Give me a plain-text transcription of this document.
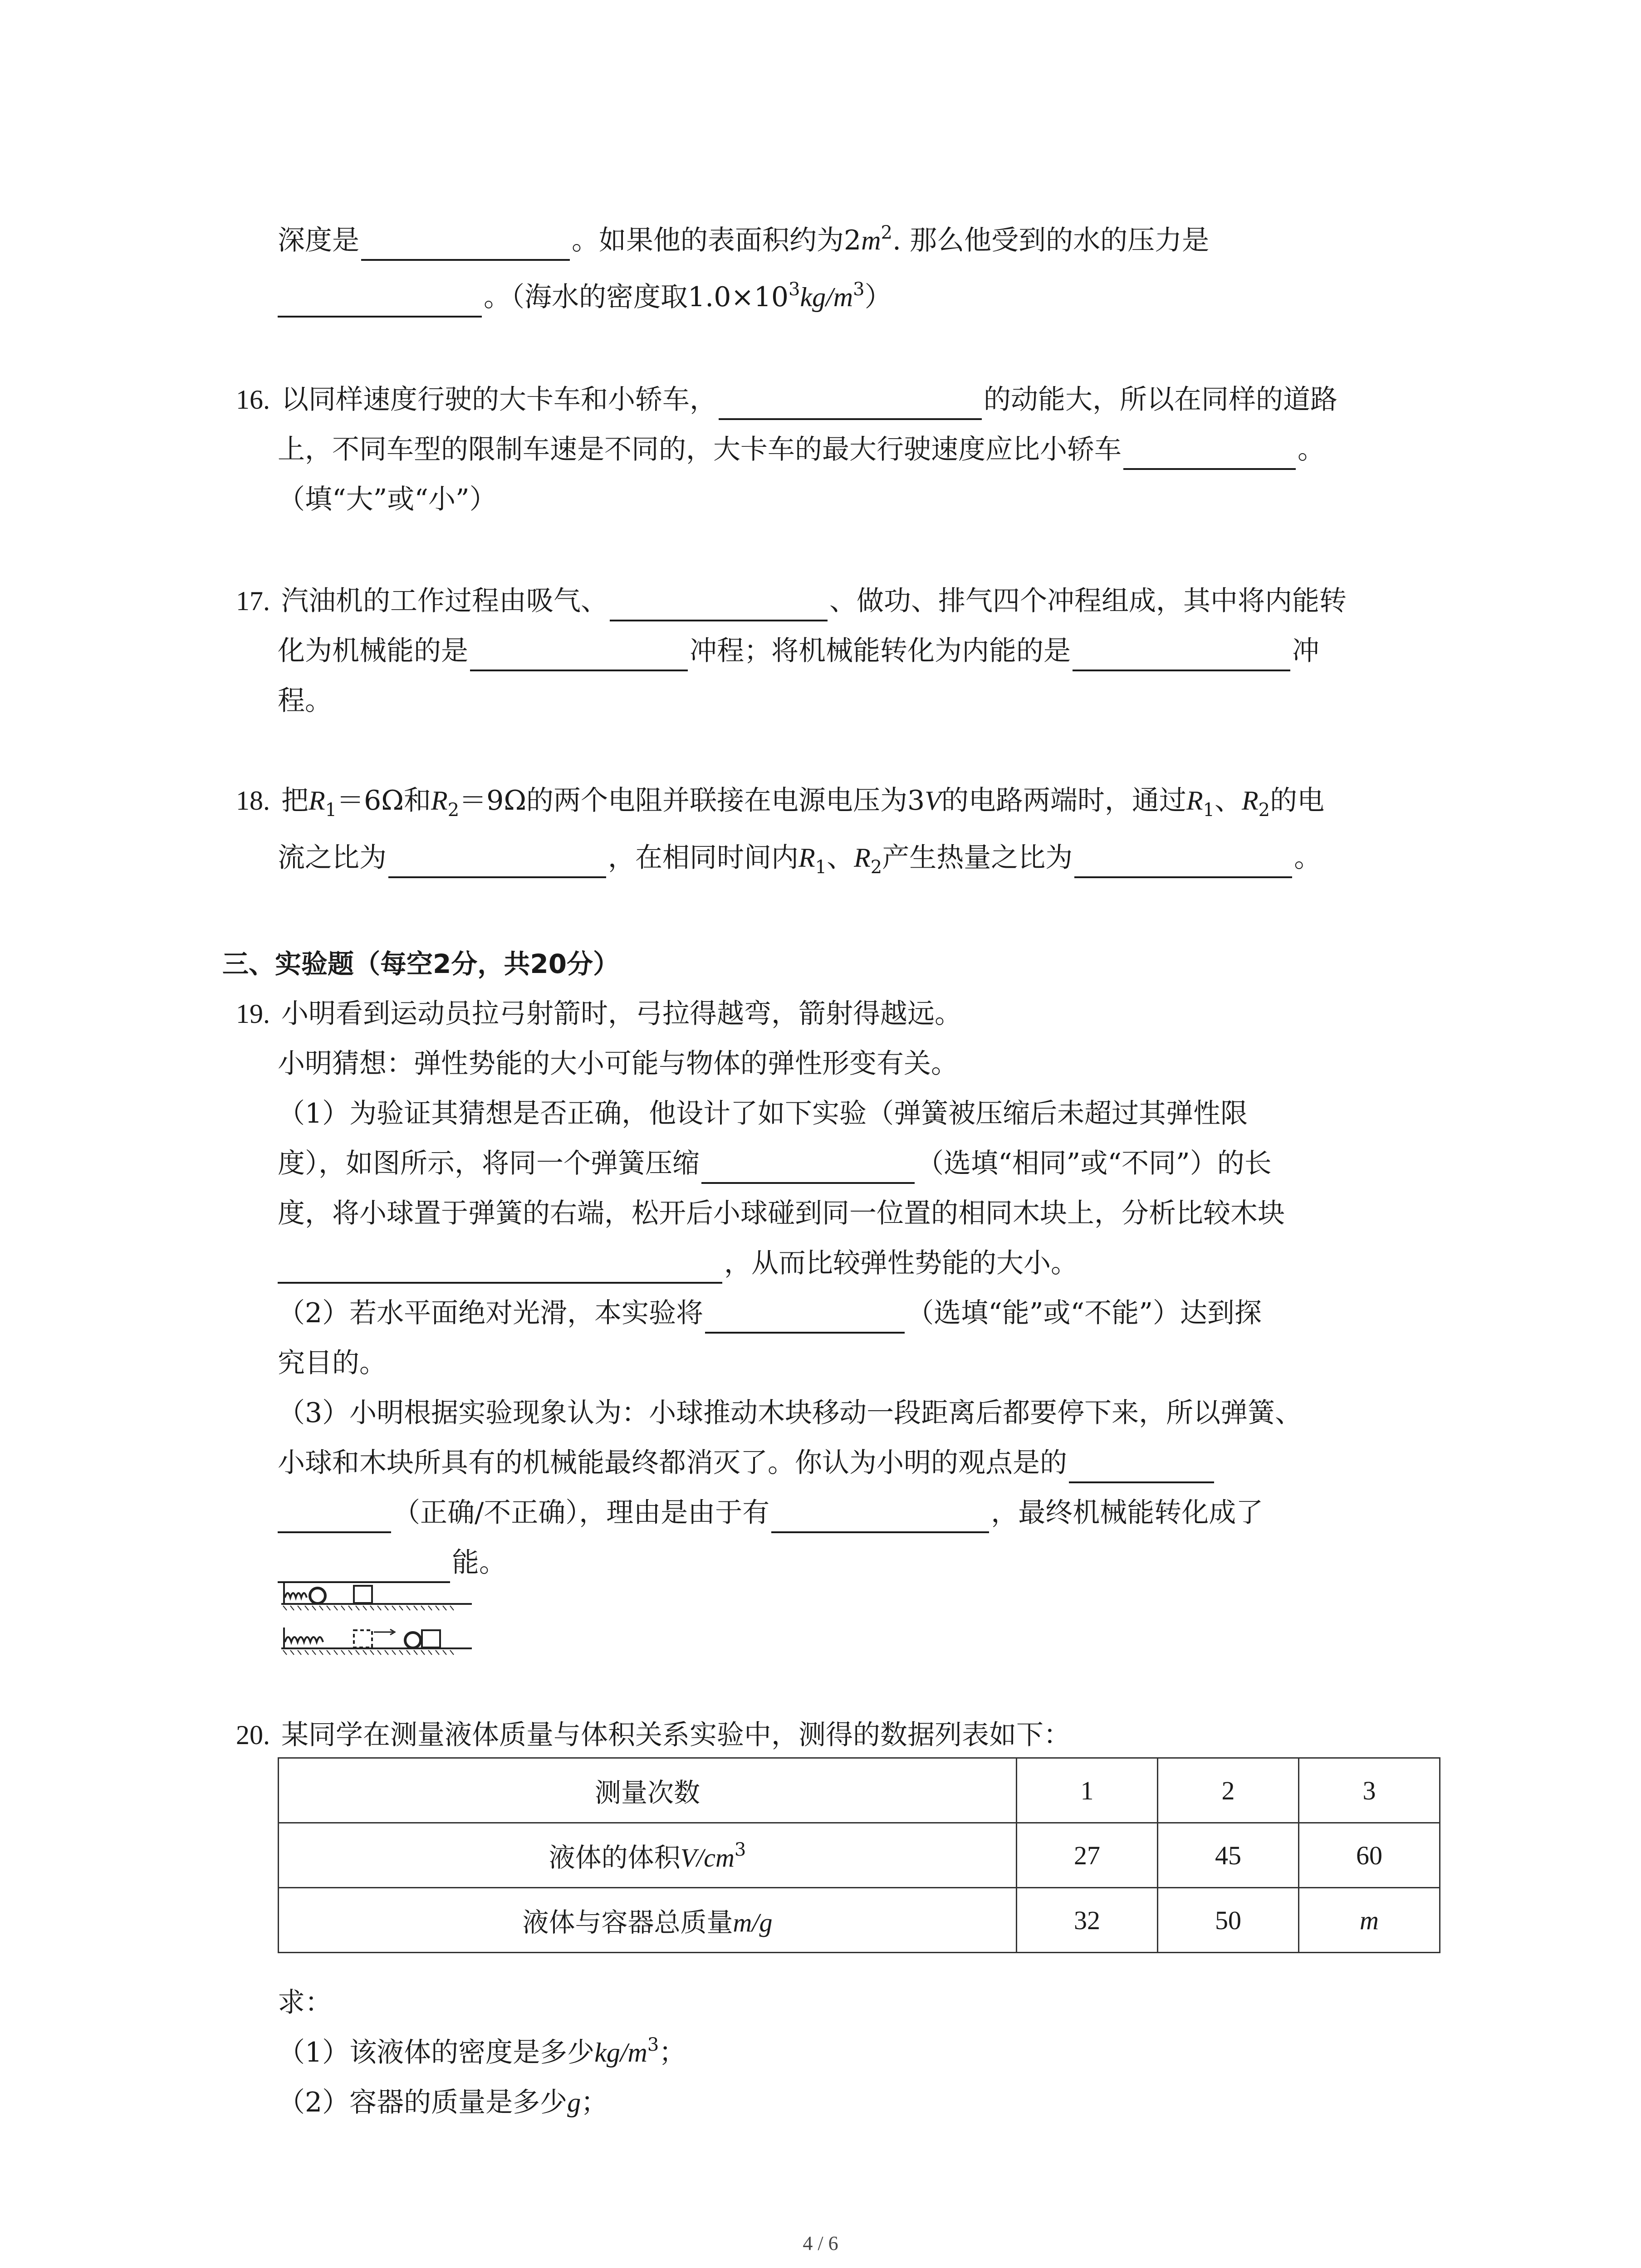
深度是	。如果他的表面积约为$2m^2$. 那么他受到的水的压力是
。（海水的密度取$1.0\times 10^3kg/m^3$）
16. 以同样速度行驶的大卡车和小轿车，	的动能大，所以在同样的道路
上，不同车型的限制车速是不同的，大卡车的最大行驶速度应比小轿车	。
（填“大”或“小”）
17. 汽油机的工作过程由吸气、	、做功、排气四个冲程组成，其中将内能转
化为机械能的是	冲程；将机械能转化为内能的是	冲
程。
18. 把$R_1=6\Omega$和$R_2=9\Omega$的两个电阻并联接在电源电压为3V的电路两端时，通过$R_1$、$R_2$的电
流之比为	，在相同时间内$R_1$、$R_2$产生热量之比为	。
三、实验题（每空2分，共20分）
19. 小明看到运动员拉弓射箭时，弓拉得越弯，箭射得越远。
小明猜想：弹性势能的大小可能与物体的弹性形变有关。
（1）为验证其猜想是否正确，他设计了如下实验（弹簧被压缩后未超过其弹性限
度），如图所示，将同一个弹簧压缩	（选填“相同”或“不同”）的长
度，将小球置于弹簧的右端，松开后小球碰到同一位置的相同木块上，分析比较木块
，从而比较弹性势能的大小。
（2）若水平面绝对光滑，本实验将	（选填“能”或“不能”）达到探
究目的。
（3）小明根据实验现象认为：小球推动木块移动一段距离后都要停下来，所以弹簧、
小球和木块所具有的机械能最终都消灭了。你认为小明的观点是的
（正确/不正确），理由是由于有	，最终机械能转化成了
能。
20. 某同学在测量液体质量与体积关系实验中，测得的数据列表如下：
测量次数	1	2	3
液体的体积$V/cm^3$	27	45	60
液体与容器总质量m/g	32	50	m
求：
（1）该液体的密度是多少$kg/m^3$；
（2）容器的质量是多少g；
4 / 6
